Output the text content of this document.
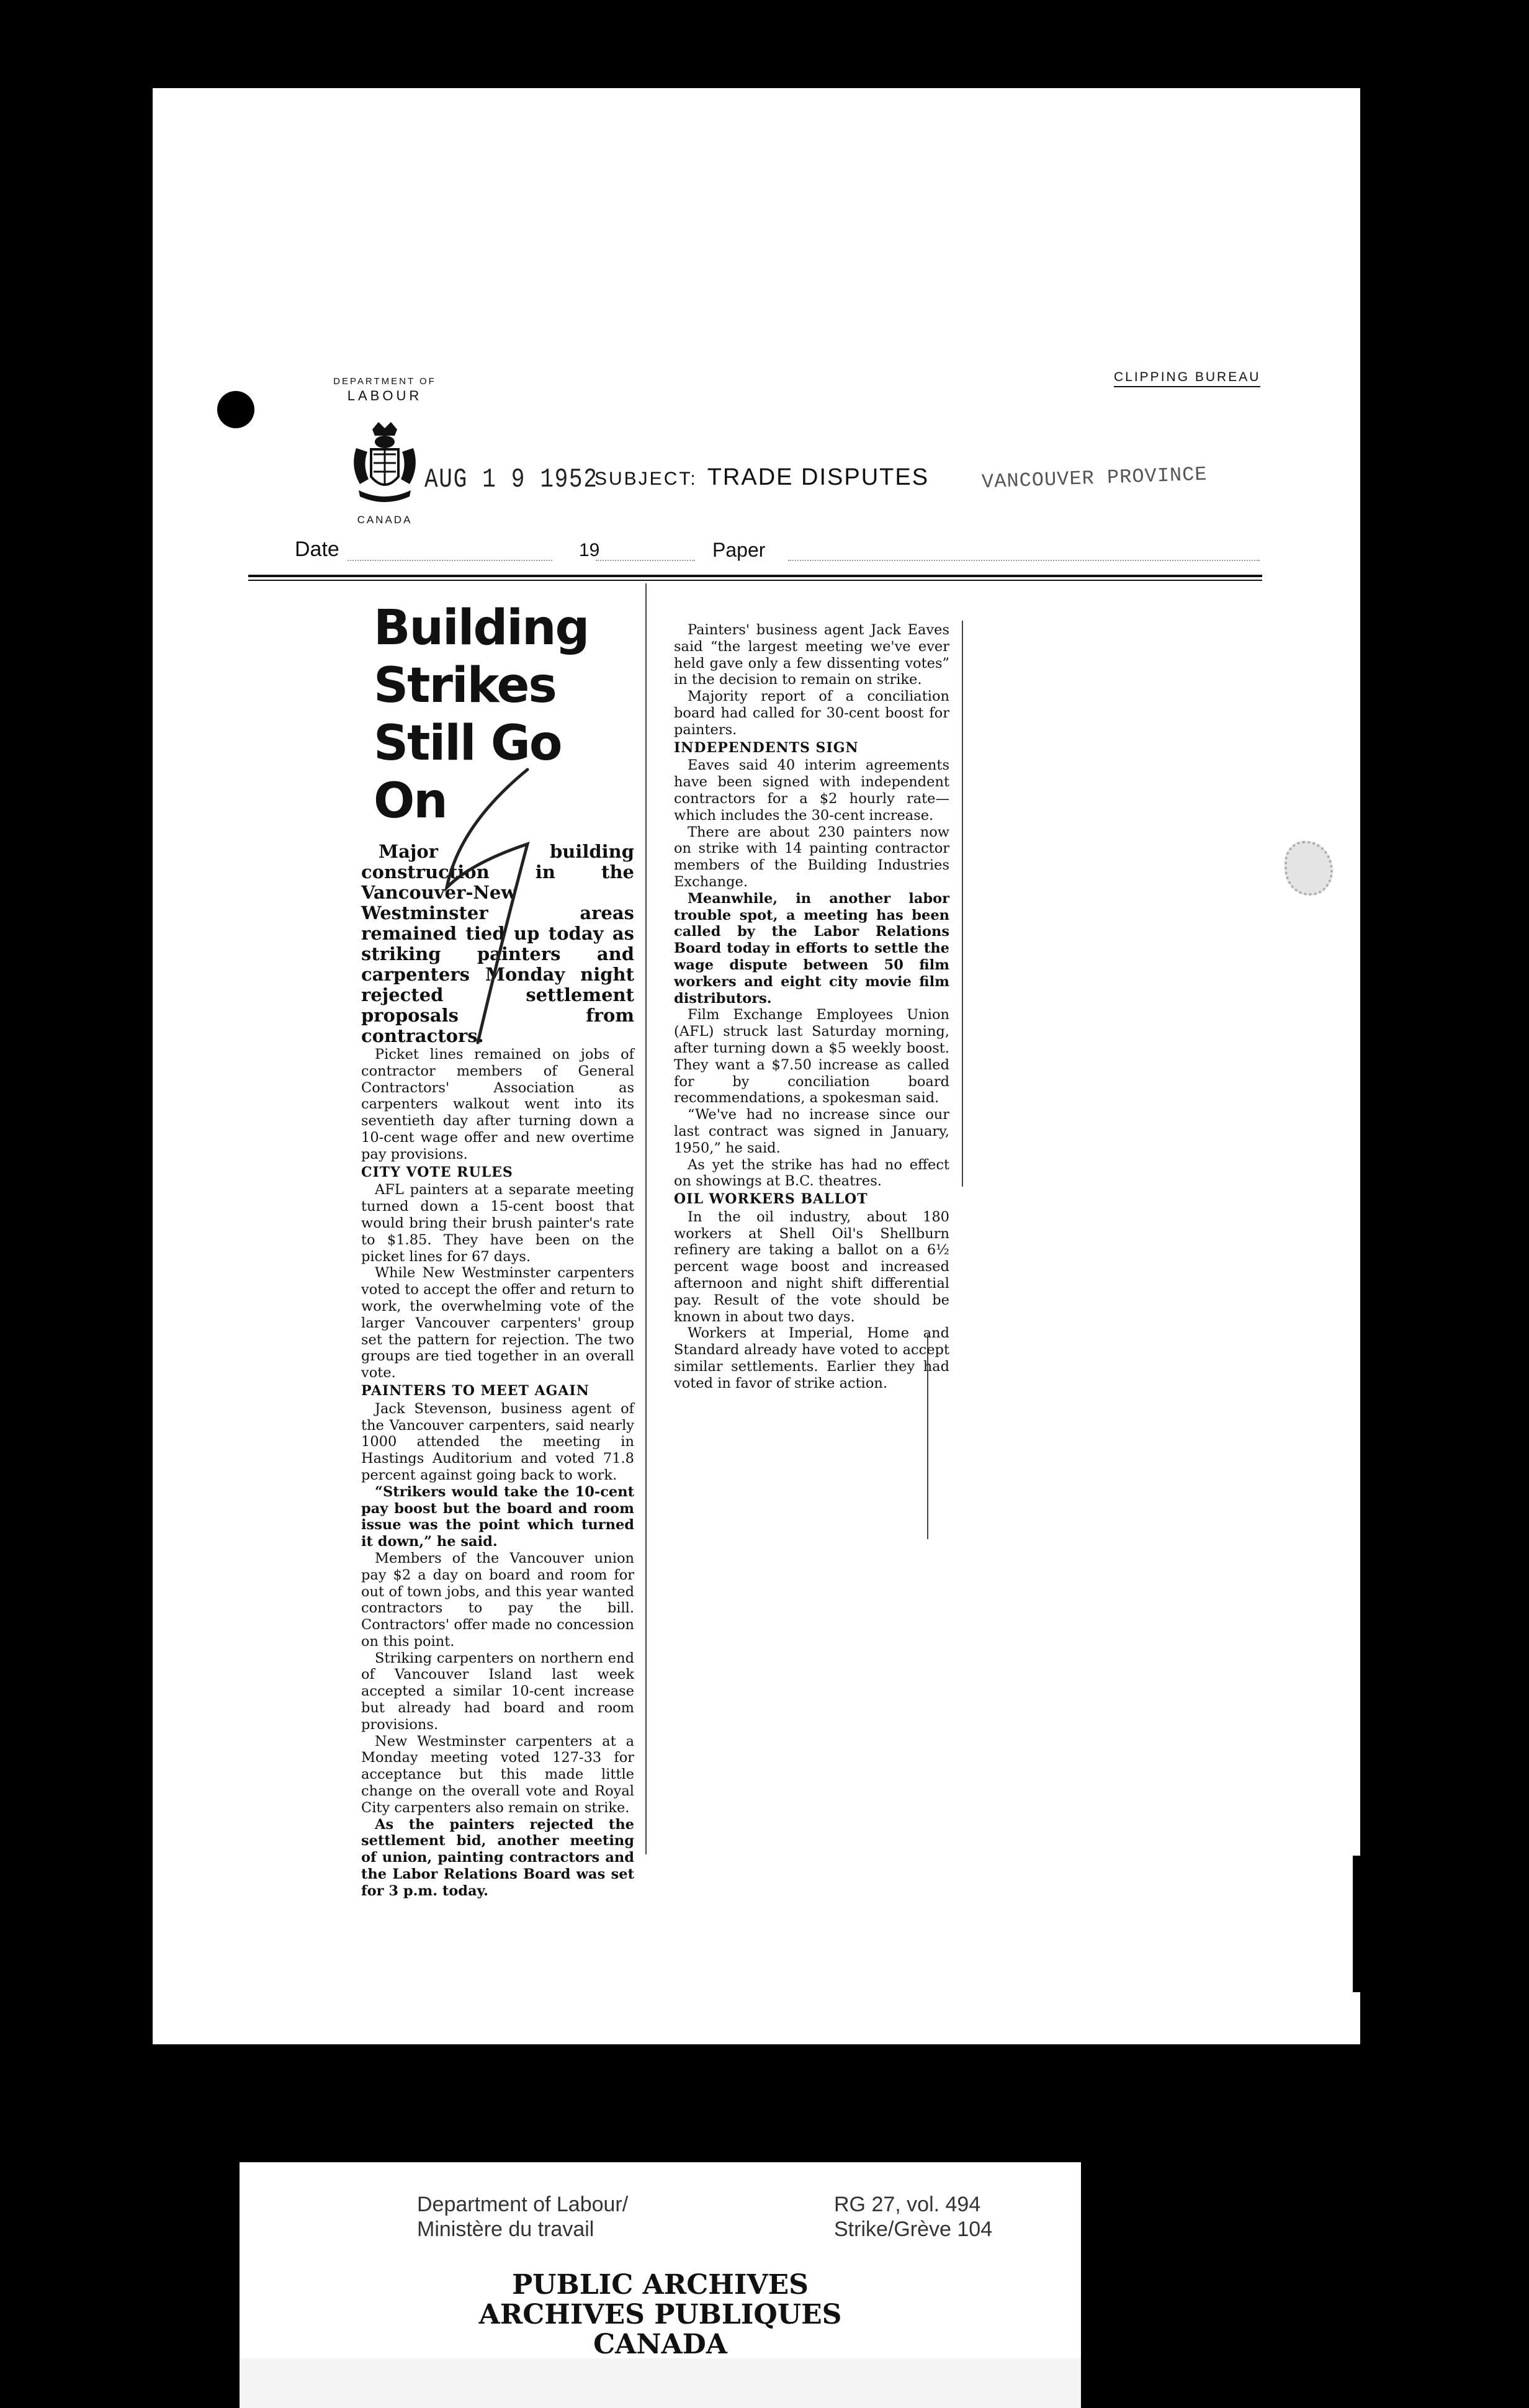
DEPARTMENT OF
LABOUR
CANADA
CLIPPING BUREAU
AUG 1 9 1952
SUBJECT: TRADE DISPUTES	VANCOUVER PROVINCE
Date	19	Paper
Building
Strikes
Still Go On

Major building construction in the Vancouver-New Westminster areas remained tied up today as striking painters and carpenters Monday night rejected settlement proposals from contractors.

Picket lines remained on jobs of contractor members of General Contractors' Association as carpenters walkout went into its seventieth day after turning down a 10-cent wage offer and new overtime pay provisions.

CITY VOTE RULES

AFL painters at a separate meeting turned down a 15-cent boost that would bring their brush painter's rate to $1.85. They have been on the picket lines for 67 days.

While New Westminster carpenters voted to accept the offer and return to work, the overwhelming vote of the larger Vancouver carpenters' group set the pattern for rejection. The two groups are tied together in an overall vote.

PAINTERS TO MEET AGAIN

Jack Stevenson, business agent of the Vancouver carpenters, said nearly 1000 attended the meeting in Hastings Auditorium and voted 71.8 percent against going back to work.

“Strikers would take the 10-cent pay boost but the board and room issue was the point which turned it down,” he said.

Members of the Vancouver union pay $2 a day on board and room for out of town jobs, and this year wanted contractors to pay the bill. Contractors' offer made no concession on this point.

Striking carpenters on northern end of Vancouver Island last week accepted a similar 10-cent increase but already had board and room provisions.

New Westminster carpenters at a Monday meeting voted 127-33 for acceptance but this made little change on the overall vote and Royal City carpenters also remain on strike.

As the painters rejected the settlement bid, another meeting of union, painting contractors and the Labor Relations Board was set for 3 p.m. today.

Painters' business agent Jack Eaves said “the largest meeting we've ever held gave only a few dissenting votes” in the decision to remain on strike.

Majority report of a conciliation board had called for 30-cent boost for painters.

INDEPENDENTS SIGN

Eaves said 40 interim agreements have been signed with independent contractors for a $2 hourly rate—which includes the 30-cent increase.

There are about 230 painters now on strike with 14 painting contractor members of the Building Industries Exchange.

Meanwhile, in another labor trouble spot, a meeting has been called by the Labor Relations Board today in efforts to settle the wage dispute between 50 film workers and eight city movie film distributors.

Film Exchange Employees Union (AFL) struck last Saturday morning, after turning down a $5 weekly boost. They want a $7.50 increase as called for by conciliation board recommendations, a spokesman said.

“We've had no increase since our last contract was signed in January, 1950,” he said.

As yet the strike has had no effect on showings at B.C. theatres.

OIL WORKERS BALLOT

In the oil industry, about 180 workers at Shell Oil's Shellburn refinery are taking a ballot on a 6½ percent wage boost and increased afternoon and night shift differential pay. Result of the vote should be known in about two days.

Workers at Imperial, Home and Standard already have voted to accept similar settlements. Earlier they had voted in favor of strike action.

Department of Labour/
Ministère du travail
RG 27, vol. 494
Strike/Grève 104
PUBLIC ARCHIVES
ARCHIVES PUBLIQUES
CANADA
